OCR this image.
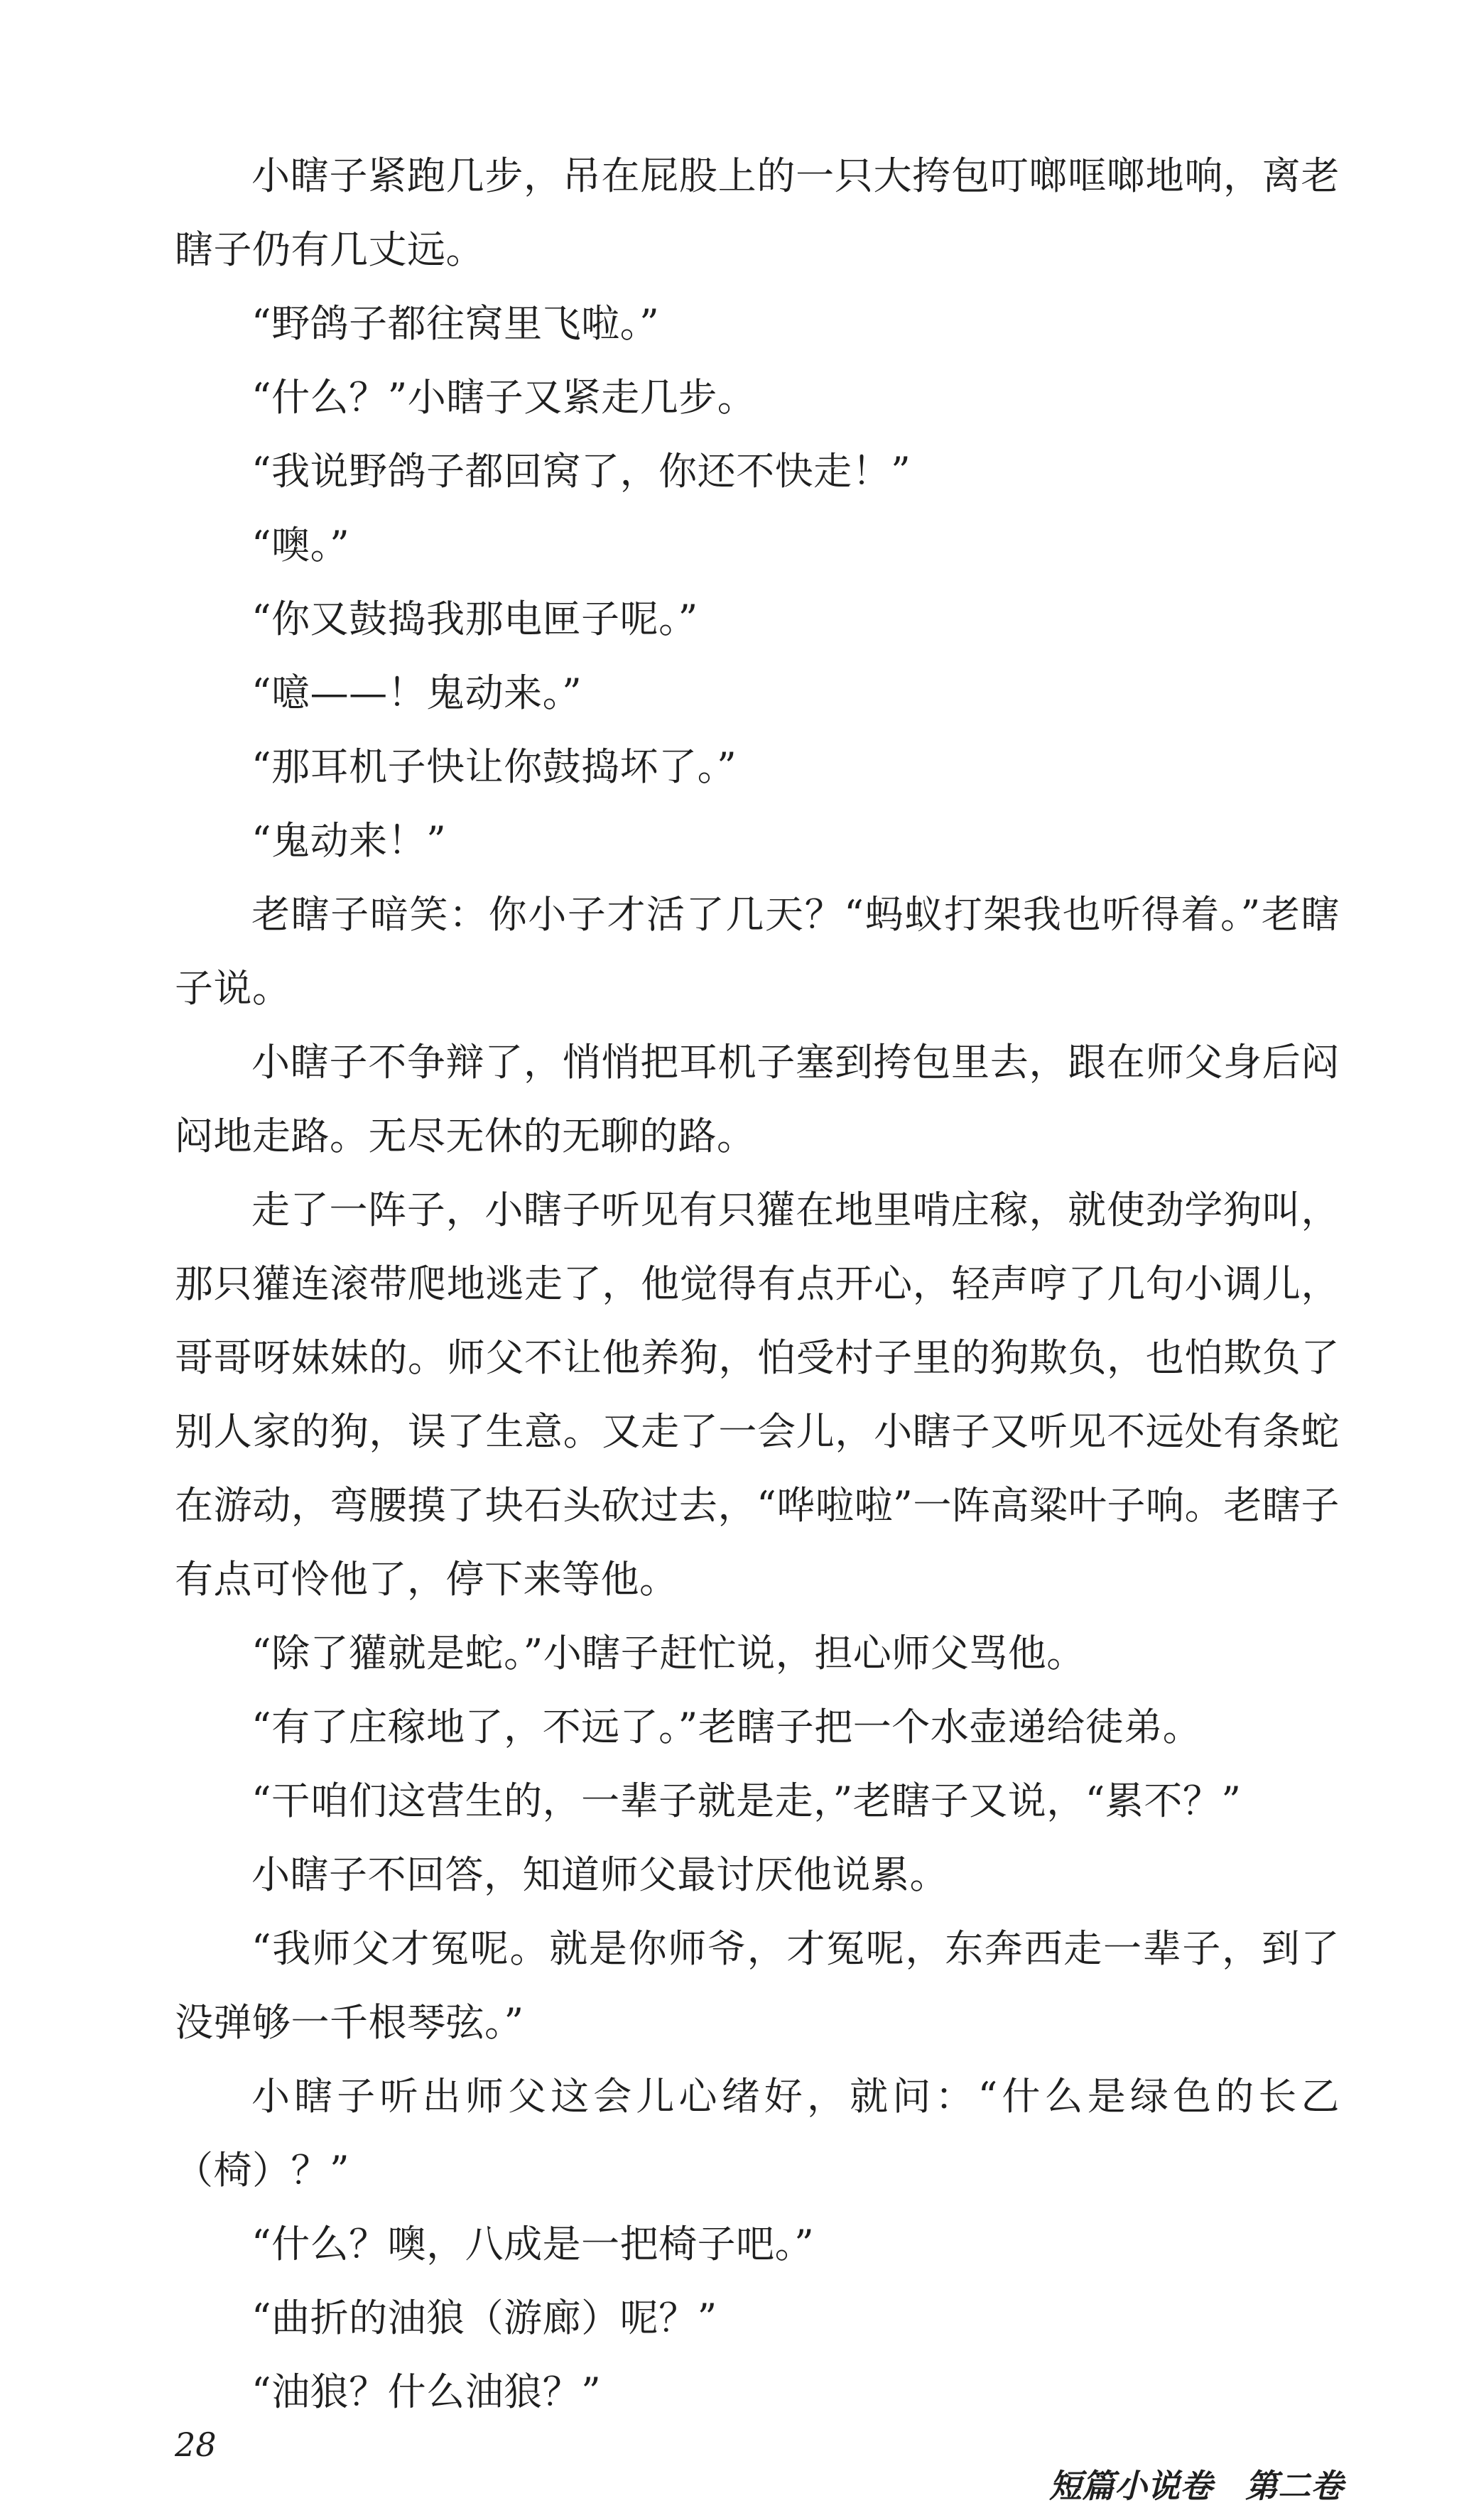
小瞎子紧跑几步，吊在屁股上的一只大挎包叮啷哐啷地响，离老瞎子仍有几丈远。

“野鸽子都往窝里飞啦。”

“什么？”小瞎子又紧走几步。

“我说野鸽子都回窝了，你还不快走！”

“噢。”

“你又鼓捣我那电匣子呢。”

“噫——！鬼动来。”

“那耳机子快让你鼓捣坏了。”

“鬼动来！”

老瞎子暗笑：你小子才活了几天？“蚂蚁打架我也听得着。”老瞎子说。

小瞎子不争辩了，悄悄把耳机子塞到挎包里去，跟在师父身后闷闷地走路。无尽无休的无聊的路。

走了一阵子，小瞎子听见有只獾在地里啃庄稼，就使劲学狗叫，那只獾连滚带爬地逃走了，他觉得有点开心，轻声哼了几句小调儿，哥哥呀妹妹的。师父不让他养狗，怕受村子里的狗欺负，也怕欺负了别人家的狗，误了生意。又走了一会儿，小瞎子又听见不远处有条蛇在游动，弯腰摸了块石头砍过去，“哗啦啦”一阵高粱叶子响。老瞎子有点可怜他了，停下来等他。

“除了獾就是蛇。”小瞎子赶忙说，担心师父骂他。

“有了庄稼地了，不远了。”老瞎子把一个水壶递给徒弟。

“干咱们这营生的，一辈子就是走，”老瞎子又说，“累不？”

小瞎子不回答，知道师父最讨厌他说累。

“我师父才冤呢。就是你师爷，才冤呢，东奔西走一辈子，到了没弹够一千根琴弦。”

小瞎子听出师父这会儿心绪好，就问：“什么是绿色的长乙（椅）？”

“什么？噢，八成是一把椅子吧。”

“曲折的油狼（游廊）呢？”

“油狼？什么油狼？”

28
短篇小说卷　第二卷
